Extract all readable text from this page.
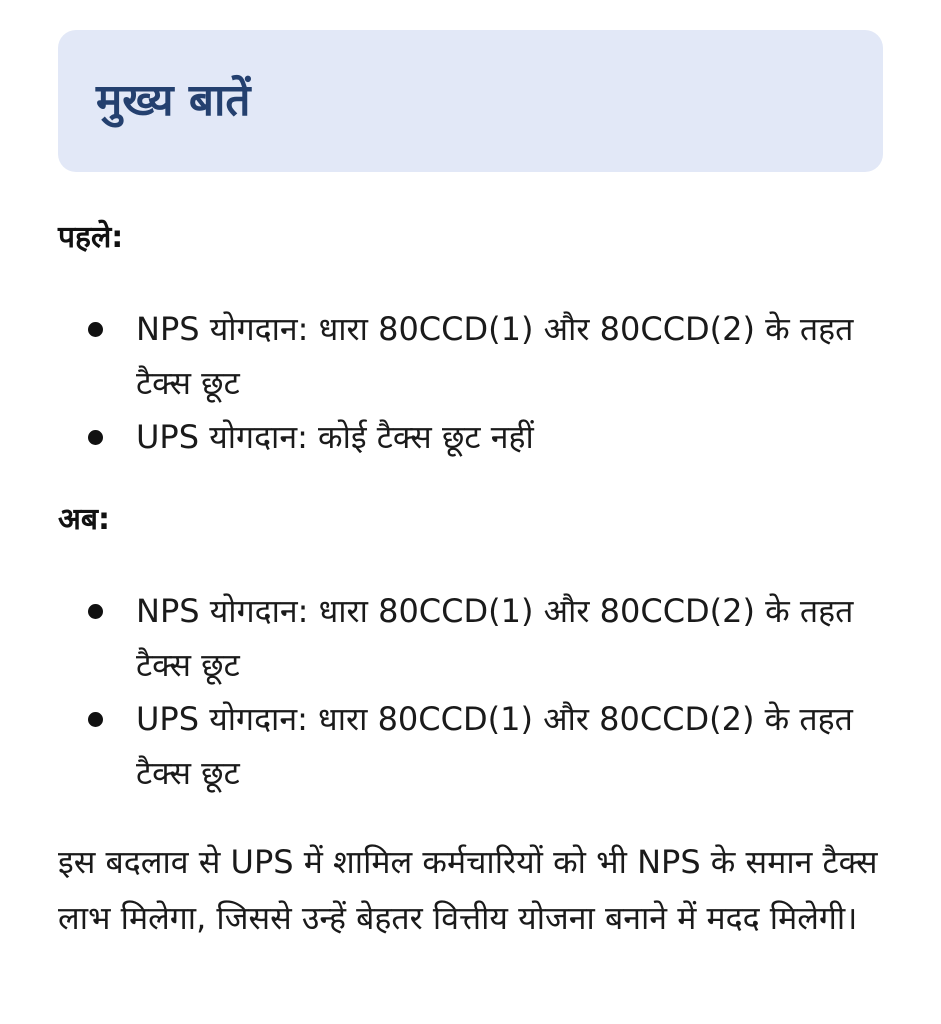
मुख्य बातें

पहले:

NPS योगदान: धारा 80CCD(1) और 80CCD(2) के तहत टैक्स छूट
UPS योगदान: कोई टैक्स छूट नहीं

अब:

NPS योगदान: धारा 80CCD(1) और 80CCD(2) के तहत टैक्स छूट
UPS योगदान: धारा 80CCD(1) और 80CCD(2) के तहत टैक्स छूट

इस बदलाव से UPS में शामिल कर्मचारियों को भी NPS के समान टैक्स लाभ मिलेगा, जिससे उन्हें बेहतर वित्तीय योजना बनाने में मदद मिलेगी।
